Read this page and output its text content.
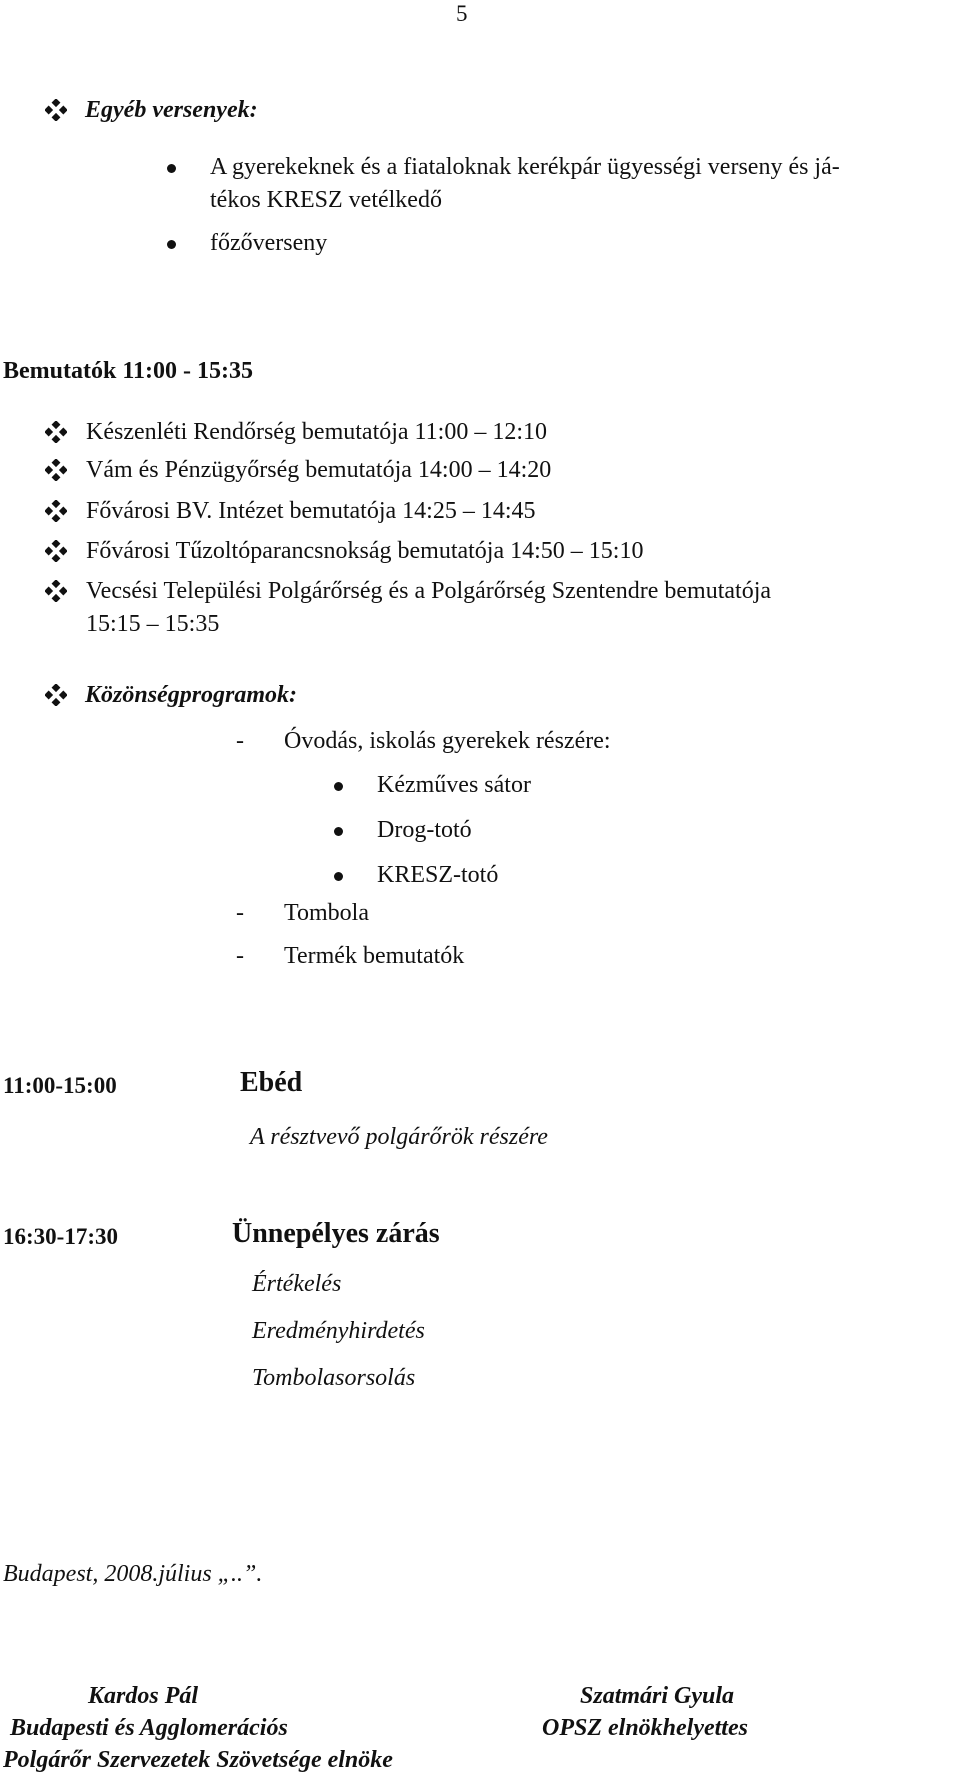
5
Egyéb versenyek:
A gyerekeknek és a fiataloknak kerékpár ügyességi verseny és já-
tékos KRESZ vetélkedő
főzőverseny
Bemutatók 11:00 - 15:35
Készenléti Rendőrség bemutatója 11:00 – 12:10
Vám és Pénzügyőrség bemutatója 14:00 – 14:20
Fővárosi BV. Intézet bemutatója 14:25 – 14:45
Fővárosi Tűzoltóparancsnokság bemutatója 14:50 – 15:10
Vecsési Települési Polgárőrség és a Polgárőrség Szentendre bemutatója
15:15 – 15:35
Közönségprogramok:
- Óvodás, iskolás gyerekek részére:
Kézműves sátor
Drog-totó
KRESZ-totó
- Tombola
- Termék bemutatók
11:00-15:00	Ebéd
A résztvevő polgárőrök részére
16:30-17:30	Ünnepélyes zárás
Értékelés
Eredményhirdetés
Tombolasorsolás
Budapest, 2008.július „..”.
Kardos Pál
Budapesti és Agglomerációs
Polgárőr Szervezetek Szövetsége elnöke
Szatmári Gyula
OPSZ elnökhelyettes
